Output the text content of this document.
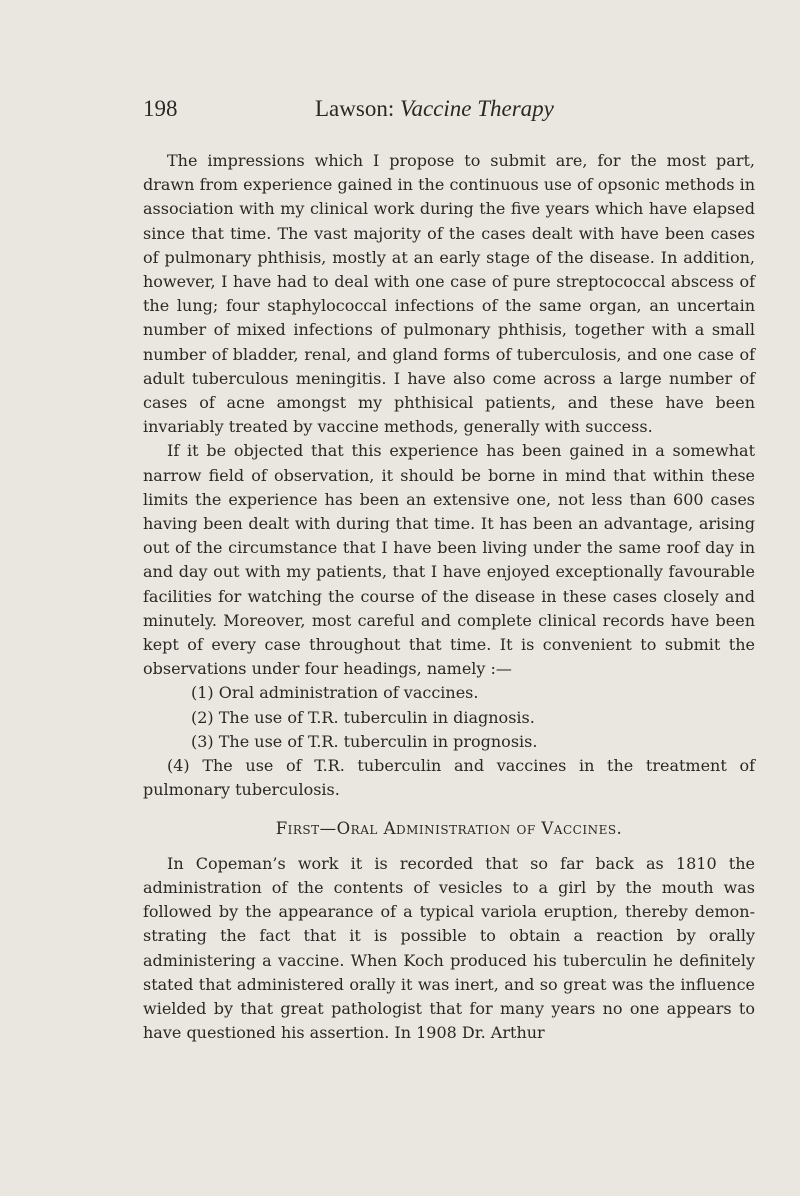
198	Lawson: Vaccine Therapy

The impressions which I propose to submit are, for the most part, drawn from experience gained in the continuous use of opsonic methods in association with my clinical work during the five years which have elapsed since that time. The vast majority of the cases dealt with have been cases of pulmonary phthisis, mostly at an early stage of the disease. In addition, however, I have had to deal with one case of pure streptococcal abscess of the lung; four staphylococcal infections of the same organ, an uncertain number of mixed infections of pulmonary phthisis, together with a small number of bladder, renal, and gland forms of tuberculosis, and one case of adult tuberculous meningitis. I have also come across a large number of cases of acne amongst my phthisical patients, and these have been invariably treated by vaccine methods, generally with success.

If it be objected that this experience has been gained in a somewhat narrow field of observation, it should be borne in mind that within these limits the experience has been an extensive one, not less than 600 cases having been dealt with during that time. It has been an advantage, arising out of the circumstance that I have been living under the same roof day in and day out with my patients, that I have enjoyed exceptionally favourable facilities for watching the course of the disease in these cases closely and minutely. Moreover, most careful and complete clinical records have been kept of every case throughout that time. It is convenient to submit the observations under four headings, namely :—

(1) Oral administration of vaccines.

(2) The use of T.R. tuberculin in diagnosis.

(3) The use of T.R. tuberculin in prognosis.

(4) The use of T.R. tuberculin and vaccines in the treatment of pulmonary tuberculosis.

First—Oral Administration of Vaccines.

In Copeman’s work it is recorded that so far back as 1810 the administration of the contents of vesicles to a girl by the mouth was followed by the appearance of a typical variola eruption, thereby demonstrating the fact that it is possible to obtain a reaction by orally administering a vaccine. When Koch produced his tuberculin he definitely stated that administered orally it was inert, and so great was the influence wielded by that great pathologist that for many years no one appears to have questioned his assertion. In 1908 Dr. Arthur
